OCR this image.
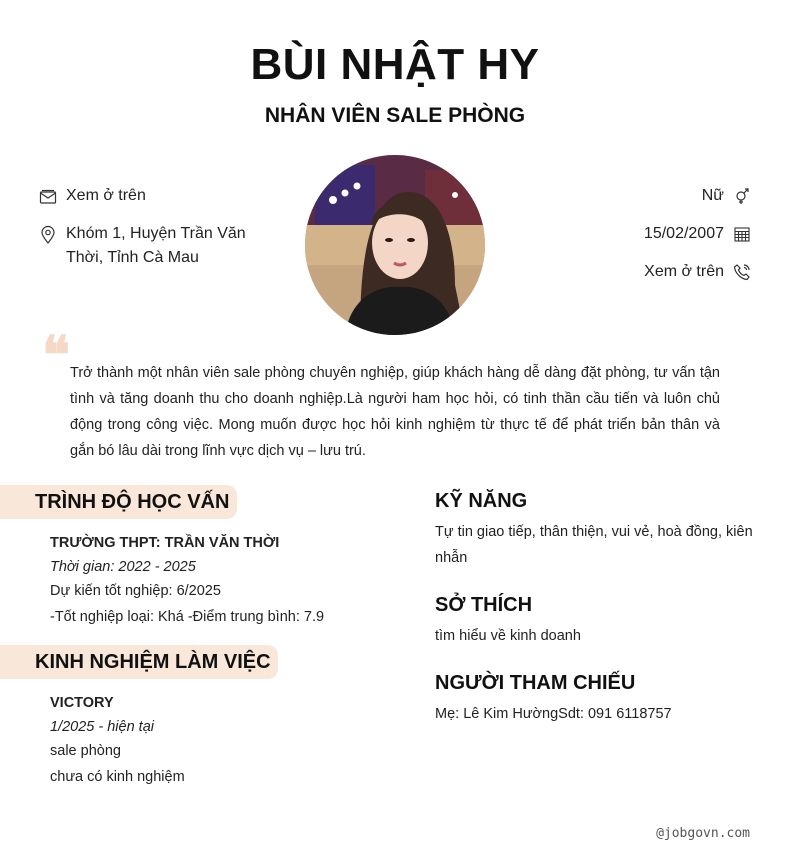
BÙI NHẬT HY
NHÂN VIÊN SALE PHÒNG
Xem ở trên
Khóm 1, Huyện Trần Văn Thời, Tỉnh Cà Mau
Nữ
15/02/2007
Xem ở trên
❝ Trở thành một nhân viên sale phòng chuyên nghiệp, giúp khách hàng dễ dàng đặt phòng, tư vấn tận tình và tăng doanh thu cho doanh nghiệp.Là người ham học hỏi, có tinh thần cầu tiến và luôn chủ động trong công việc. Mong muốn được học hỏi kinh nghiệm từ thực tế để phát triển bản thân và gắn bó lâu dài trong lĩnh vực dịch vụ – lưu trú.
TRÌNH ĐỘ HỌC VẤN
TRƯỜNG THPT: TRẦN VĂN THỜI
Thời gian: 2022 - 2025
Dự kiến tốt nghiệp: 6/2025
-Tốt nghiệp loại: Khá -Điểm trung bình: 7.9
KINH NGHIỆM LÀM VIỆC
VICTORY
1/2025 - hiện tại
sale phòng
chưa có kinh nghiệm
KỸ NĂNG

Tự tin giao tiếp, thân thiện, vui vẻ, hoà đồng, kiên nhẫn

SỞ THÍCH

tìm hiểu về kinh doanh

NGƯỜI THAM CHIẾU

Mẹ: Lê Kim HườngSdt: 091 6118757

@jobgovn.com
